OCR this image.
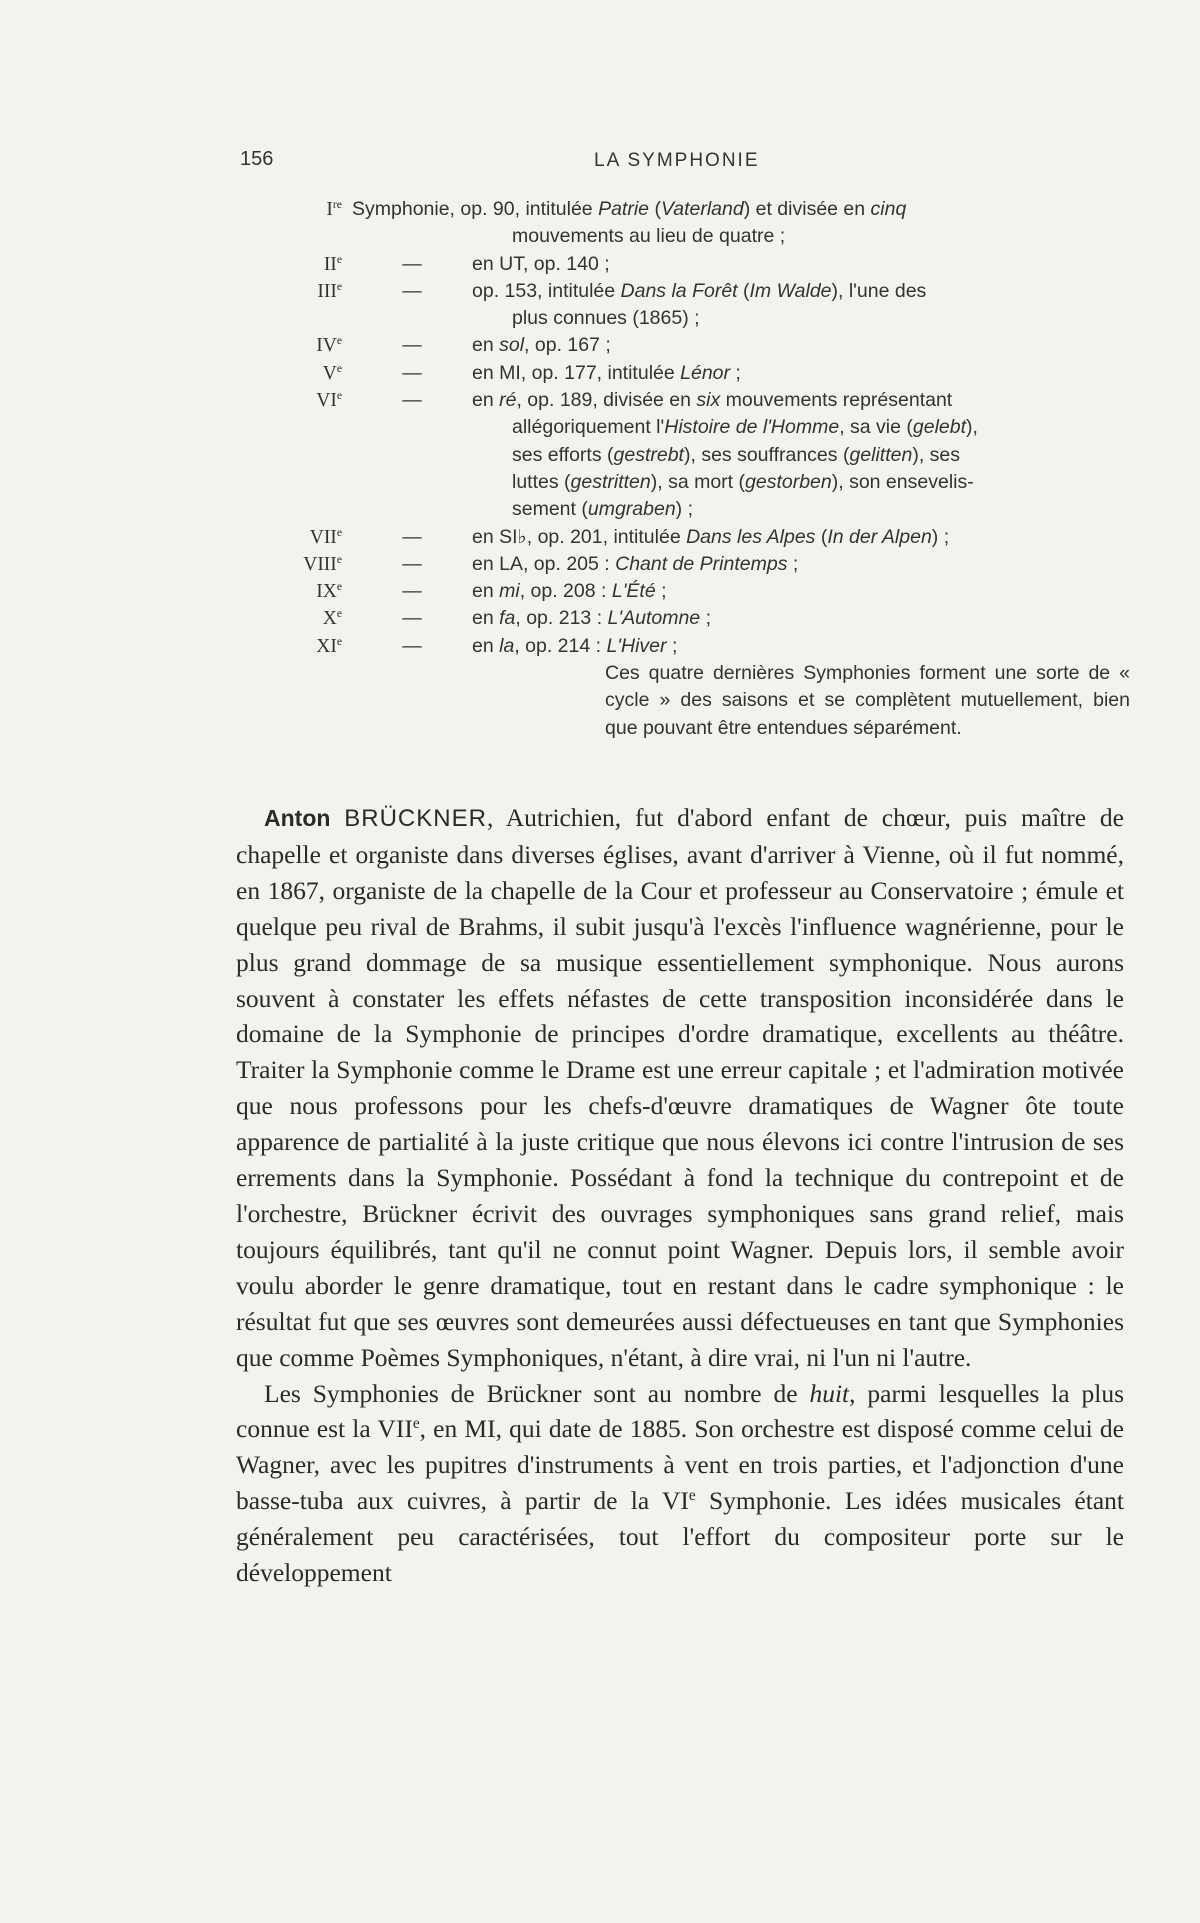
156	LA SYMPHONIE
Ire Symphonie, op. 90, intitulée Patrie (Vaterland) et divisée en cinq
mouvements au lieu de quatre ;
IIe	—	en UT, op. 140 ;
IIIe	—	op. 153, intitulée Dans la Forêt (Im Walde), l'une des
plus connues (1865) ;
IVe	—	en sol, op. 167 ;
Ve	—	en MI, op. 177, intitulée Lénor ;
VIe	—	en ré, op. 189, divisée en six mouvements représentant
allégoriquement l'Histoire de l'Homme, sa vie (gelebt),
ses efforts (gestrebt), ses souffrances (gelitten), ses
luttes (gestritten), sa mort (gestorben), son ensevelis-
sement (umgraben) ;
VIIe	—	en SI♭, op. 201, intitulée Dans les Alpes (In der Alpen) ;
VIIIe	—	en LA, op. 205 : Chant de Printemps ;
IXe	—	en mi, op. 208 : L'Été ;
Xe	—	en fa, op. 213 : L'Automne ;
XIe	—	en la, op. 214 : L'Hiver ;
Ces quatre dernières Symphonies forment une sorte de « cycle » des saisons et se complètent mutuellement, bien que pouvant être entendues séparément.

Anton BRÜCKNER, Autrichien, fut d'abord enfant de chœur, puis maître de chapelle et organiste dans diverses églises, avant d'arriver à Vienne, où il fut nommé, en 1867, organiste de la chapelle de la Cour et professeur au Conservatoire ; émule et quelque peu rival de Brahms, il subit jusqu'à l'excès l'influence wagnérienne, pour le plus grand dommage de sa musique essentiellement symphonique. Nous aurons souvent à constater les effets néfastes de cette transposition inconsidérée dans le domaine de la Symphonie de principes d'ordre dramatique, excellents au théâtre. Traiter la Symphonie comme le Drame est une erreur capitale ; et l'admiration motivée que nous professons pour les chefs-d'œuvre dramatiques de Wagner ôte toute apparence de partialité à la juste critique que nous élevons ici contre l'intrusion de ses errements dans la Symphonie. Possédant à fond la technique du contrepoint et de l'orchestre, Brückner écrivit des ouvrages symphoniques sans grand relief, mais toujours équilibrés, tant qu'il ne connut point Wagner. Depuis lors, il semble avoir voulu aborder le genre dramatique, tout en restant dans le cadre symphonique : le résultat fut que ses œuvres sont demeurées aussi défectueuses en tant que Symphonies que comme Poèmes Symphoniques, n'étant, à dire vrai, ni l'un ni l'autre.

Les Symphonies de Brückner sont au nombre de huit, parmi lesquelles la plus connue est la VIIe, en MI, qui date de 1885. Son orchestre est disposé comme celui de Wagner, avec les pupitres d'instruments à vent en trois parties, et l'adjonction d'une basse-tuba aux cuivres, à partir de la VIe Symphonie. Les idées musicales étant généralement peu caractérisées, tout l'effort du compositeur porte sur le développement
